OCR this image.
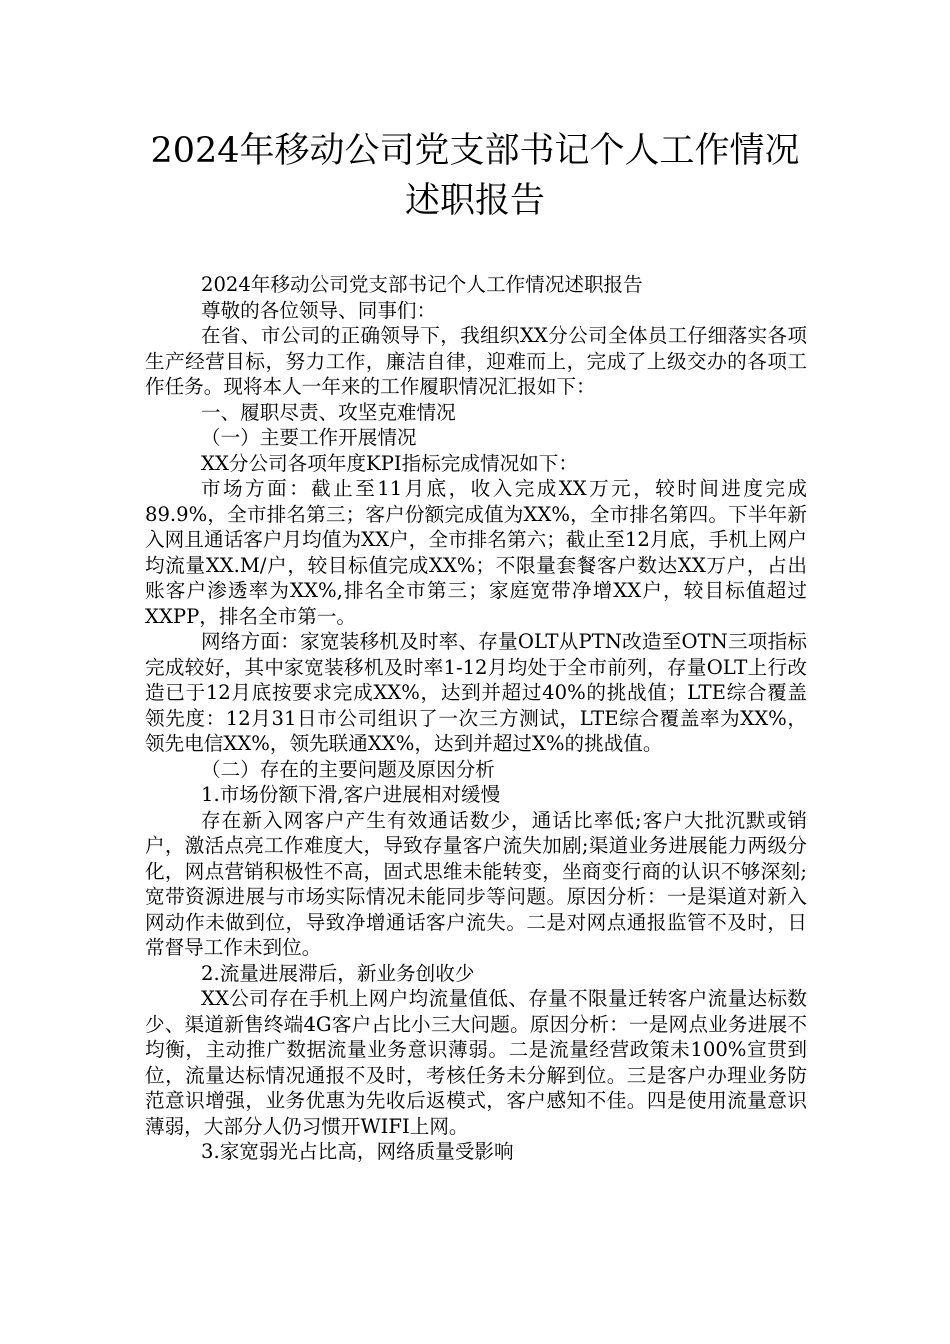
2024年移动公司党支部书记个人工作情况
述职报告

2024年移动公司党支部书记个人工作情况述职报告

尊敬的各位领导、同事们：

在省、市公司的正确领导下，我组织XX分公司全体员工仔细落实各项生产经营目标，努力工作，廉洁自律，迎难而上，完成了上级交办的各项工作任务。现将本人一年来的工作履职情况汇报如下：

一、履职尽责、攻坚克难情况

（一）主要工作开展情况

XX分公司各项年度KPI指标完成情况如下：

市场方面：截止至11月底，收入完成XX万元，较时间进度完成89.9%，全市排名第三；客户份额完成值为XX%，全市排名第四。下半年新入网且通话客户月均值为XX户，全市排名第六；截止至12月底，手机上网户均流量XX.M/户，较目标值完成XX%；不限量套餐客户数达XX万户，占出账客户渗透率为XX%,排名全市第三；家庭宽带净增XX户，较目标值超过XXPP，排名全市第一。

网络方面：家宽装移机及时率、存量OLT从PTN改造至OTN三项指标完成较好，其中家宽装移机及时率1-12月均处于全市前列，存量OLT上行改造已于12月底按要求完成XX%，达到并超过40%的挑战值；LTE综合覆盖领先度：12月31日市公司组识了一次三方测试，LTE综合覆盖率为XX%，领先电信XX%，领先联通XX%，达到并超过X%的挑战值。

（二）存在的主要问题及原因分析

1.市场份额下滑,客户进展相对缓慢

存在新入网客户产生有效通话数少，通话比率低;客户大批沉默或销户，激活点亮工作难度大，导致存量客户流失加剧;渠道业务进展能力两级分化，网点营销积极性不高，固式思维未能转变，坐商变行商的认识不够深刻;宽带资源进展与市场实际情况未能同步等问题。原因分析：一是渠道对新入网动作未做到位，导致净增通话客户流失。二是对网点通报监管不及时，日常督导工作未到位。

2.流量进展滞后，新业务创收少

XX公司存在手机上网户均流量值低、存量不限量迁转客户流量达标数少、渠道新售终端4G客户占比小三大问题。原因分析：一是网点业务进展不均衡，主动推广数据流量业务意识薄弱。二是流量经营政策未100%宣贯到位，流量达标情况通报不及时，考核任务未分解到位。三是客户办理业务防范意识增强，业务优惠为先收后返模式，客户感知不佳。四是使用流量意识薄弱，大部分人仍习惯开WIFI上网。

3.家宽弱光占比高，网络质量受影响
